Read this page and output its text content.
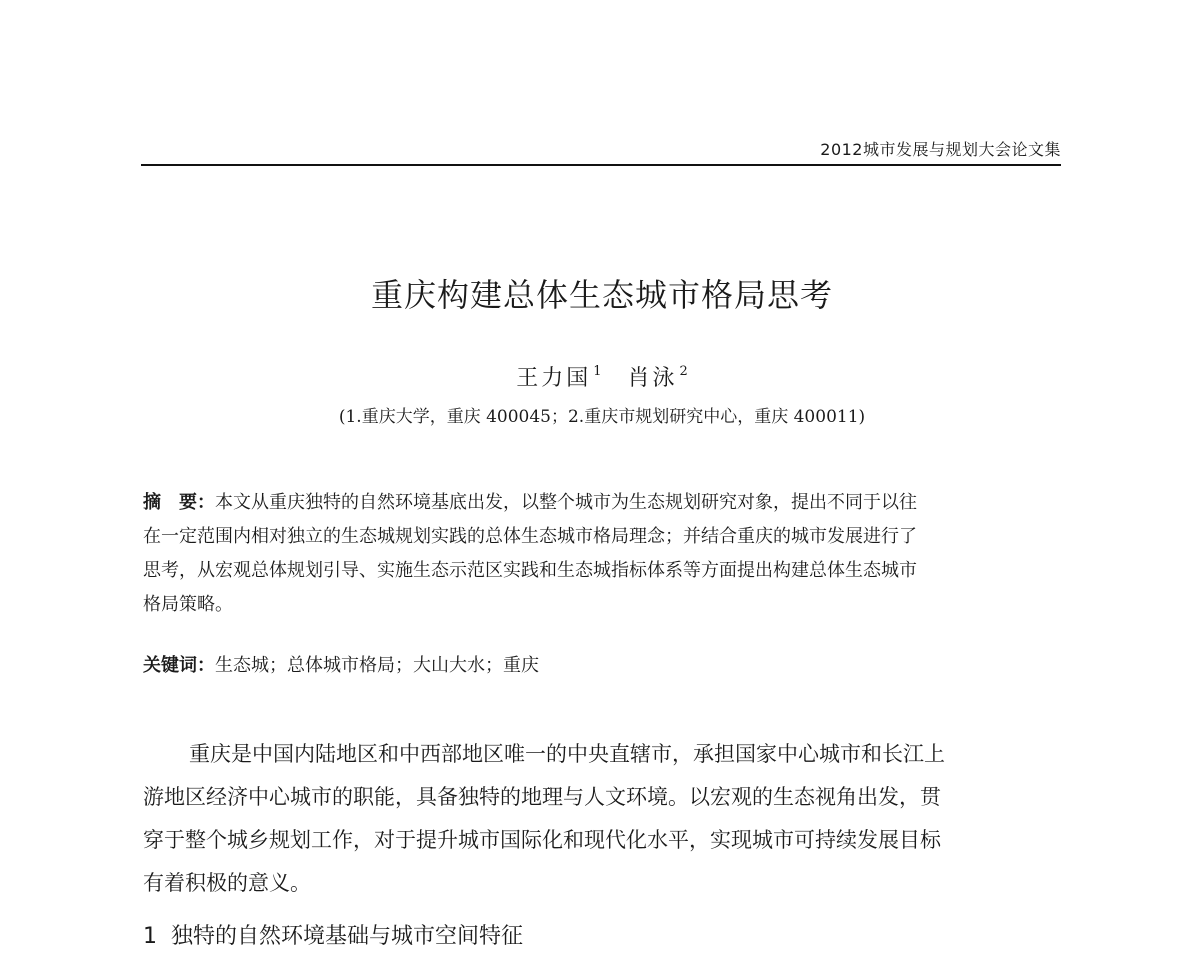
2012城市发展与规划大会论文集
重庆构建总体生态城市格局思考
王力国 $^1$ 肖泳 $^2$
(1.重庆大学，重庆 400045；2.重庆市规划研究中心，重庆 400011)
摘　要：本文从重庆独特的自然环境基底出发，以整个城市为生态规划研究对象，提出不同于以往
在一定范围内相对独立的生态城规划实践的总体生态城市格局理念；并结合重庆的城市发展进行了
思考，从宏观总体规划引导、实施生态示范区实践和生态城指标体系等方面提出构建总体生态城市
格局策略。
关键词：生态城；总体城市格局；大山大水；重庆
重庆是中国内陆地区和中西部地区唯一的中央直辖市，承担国家中心城市和长江上
游地区经济中心城市的职能，具备独特的地理与人文环境。以宏观的生态视角出发，贯
穿于整个城乡规划工作，对于提升城市国际化和现代化水平，实现城市可持续发展目标
有着积极的意义。
1 独特的自然环境基础与城市空间特征
